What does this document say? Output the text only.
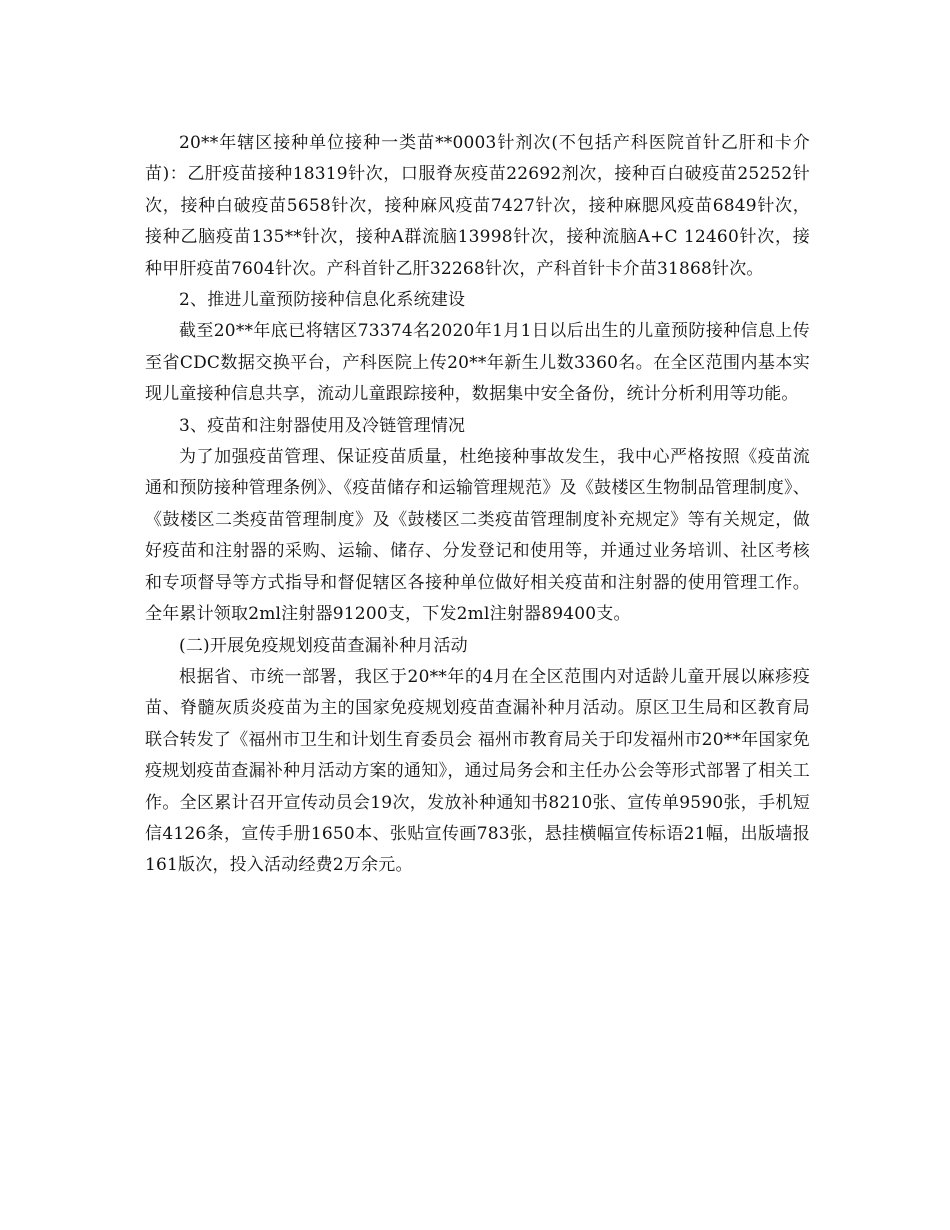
20**年辖区接种单位接种一类苗**0003针剂次(不包括产科医院首针乙肝和卡介苗)：乙肝疫苗接种18319针次，口服脊灰疫苗22692剂次，接种百白破疫苗25252针次，接种白破疫苗5658针次，接种麻风疫苗7427针次，接种麻腮风疫苗6849针次，接种乙脑疫苗135**针次，接种A群流脑13998针次，接种流脑A+C 12460针次，接种甲肝疫苗7604针次。产科首针乙肝32268针次，产科首针卡介苗31868针次。

2、推进儿童预防接种信息化系统建设

截至20**年底已将辖区73374名2020年1月1日以后出生的儿童预防接种信息上传至省CDC数据交换平台，产科医院上传20**年新生儿数3360名。在全区范围内基本实现儿童接种信息共享，流动儿童跟踪接种，数据集中安全备份，统计分析利用等功能。

3、疫苗和注射器使用及冷链管理情况

为了加强疫苗管理、保证疫苗质量，杜绝接种事故发生，我中心严格按照《疫苗流通和预防接种管理条例》、《疫苗储存和运输管理规范》及《鼓楼区生物制品管理制度》、《鼓楼区二类疫苗管理制度》及《鼓楼区二类疫苗管理制度补充规定》等有关规定，做好疫苗和注射器的采购、运输、储存、分发登记和使用等，并通过业务培训、社区考核和专项督导等方式指导和督促辖区各接种单位做好相关疫苗和注射器的使用管理工作。全年累计领取2ml注射器91200支，下发2ml注射器89400支。

(二)开展免疫规划疫苗查漏补种月活动

根据省、市统一部署，我区于20**年的4月在全区范围内对适龄儿童开展以麻疹疫苗、脊髓灰质炎疫苗为主的国家免疫规划疫苗查漏补种月活动。原区卫生局和区教育局联合转发了《福州市卫生和计划生育委员会 福州市教育局关于印发福州市20**年国家免疫规划疫苗查漏补种月活动方案的通知》，通过局务会和主任办公会等形式部署了相关工作。全区累计召开宣传动员会19次，发放补种通知书8210张、宣传单9590张，手机短信4126条，宣传手册1650本、张贴宣传画783张，悬挂横幅宣传标语21幅，出版墙报161版次，投入活动经费2万余元。
